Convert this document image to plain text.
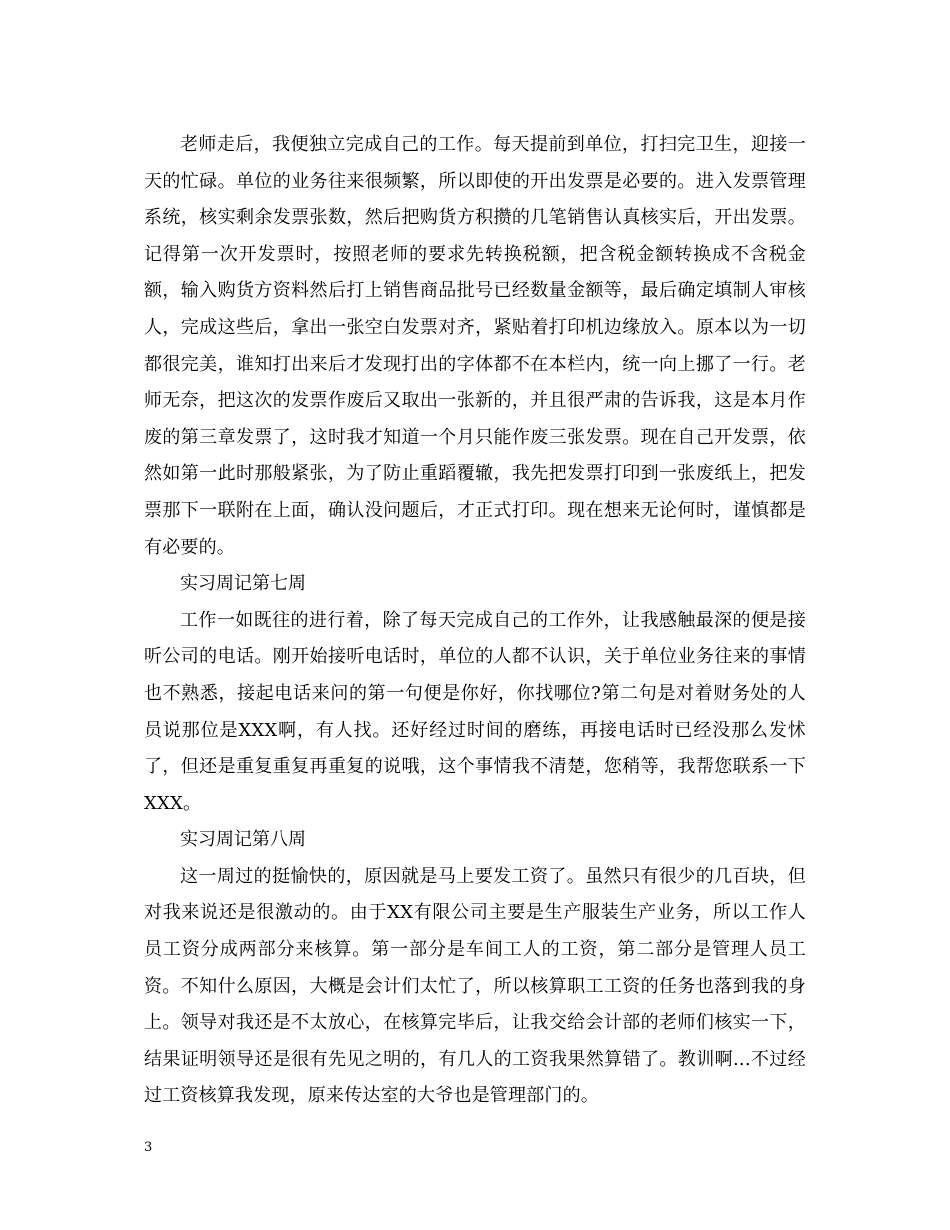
老师走后，我便独立完成自己的工作。每天提前到单位，打扫完卫生，迎接一天的忙碌。单位的业务往来很频繁，所以即使的开出发票是必要的。进入发票管理系统，核实剩余发票张数，然后把购货方积攒的几笔销售认真核实后，开出发票。记得第一次开发票时，按照老师的要求先转换税额，把含税金额转换成不含税金额，输入购货方资料然后打上销售商品批号已经数量金额等，最后确定填制人审核人，完成这些后，拿出一张空白发票对齐，紧贴着打印机边缘放入。原本以为一切都很完美，谁知打出来后才发现打出的字体都不在本栏内，统一向上挪了一行。老师无奈，把这次的发票作废后又取出一张新的，并且很严肃的告诉我，这是本月作废的第三章发票了，这时我才知道一个月只能作废三张发票。现在自己开发票，依然如第一此时那般紧张，为了防止重蹈覆辙，我先把发票打印到一张废纸上，把发票那下一联附在上面，确认没问题后，才正式打印。现在想来无论何时，谨慎都是有必要的。

实习周记第七周

工作一如既往的进行着，除了每天完成自己的工作外，让我感触最深的便是接听公司的电话。刚开始接听电话时，单位的人都不认识，关于单位业务往来的事情也不熟悉，接起电话来问的第一句便是你好，你找哪位?第二句是对着财务处的人员说那位是XXX啊，有人找。还好经过时间的磨练，再接电话时已经没那么发怵了，但还是重复重复再重复的说哦，这个事情我不清楚，您稍等，我帮您联系一下XXX。

实习周记第八周

这一周过的挺愉快的，原因就是马上要发工资了。虽然只有很少的几百块，但对我来说还是很激动的。由于XX有限公司主要是生产服装生产业务，所以工作人员工资分成两部分来核算。第一部分是车间工人的工资，第二部分是管理人员工资。不知什么原因，大概是会计们太忙了，所以核算职工工资的任务也落到我的身上。领导对我还是不太放心，在核算完毕后，让我交给会计部的老师们核实一下，结果证明领导还是很有先见之明的，有几人的工资我果然算错了。教训啊...不过经过工资核算我发现，原来传达室的大爷也是管理部门的。

3
